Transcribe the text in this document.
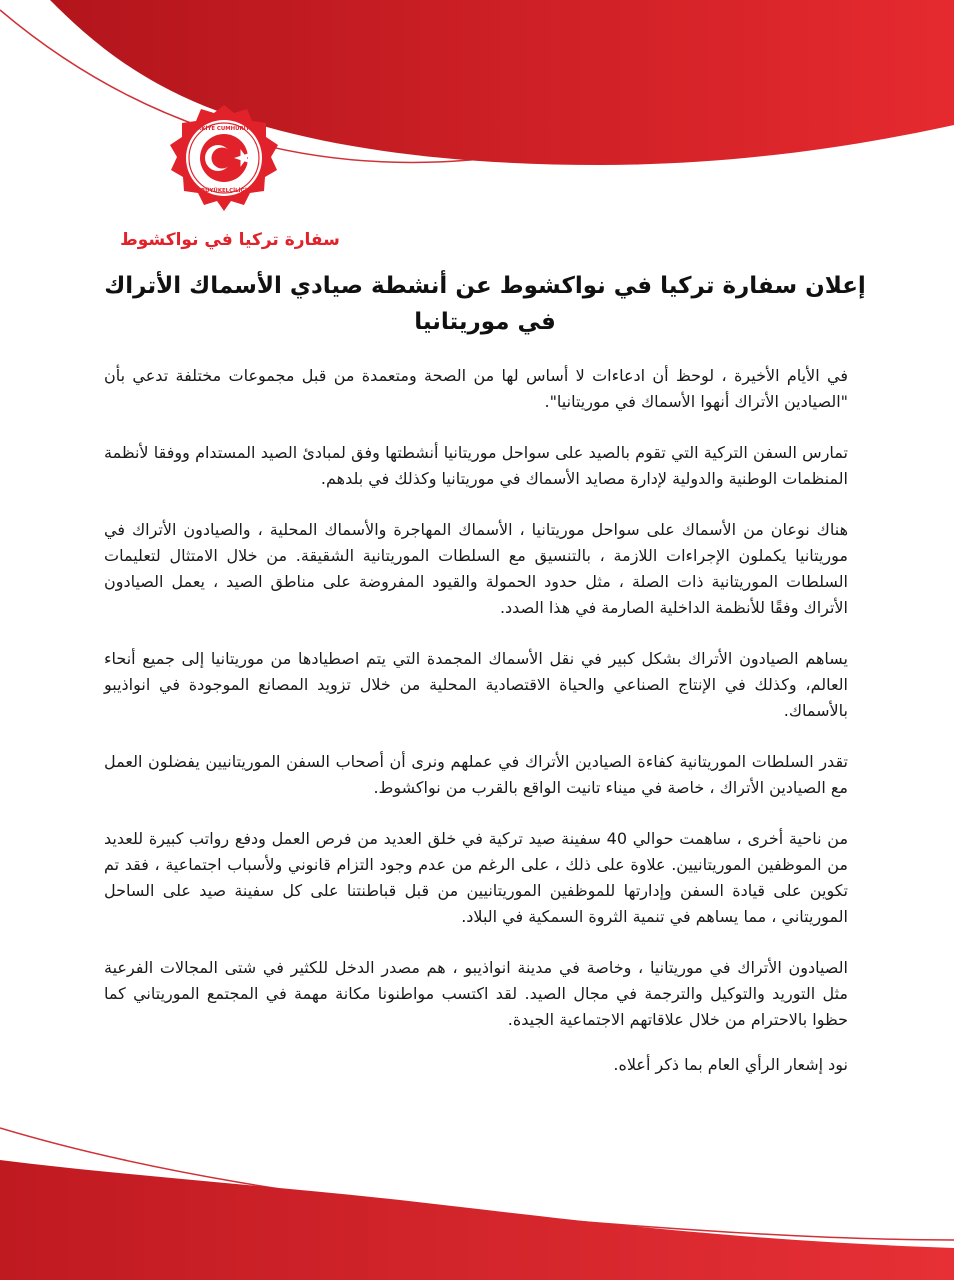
TÜRKİYE CUMHURİYETİ
BÜYÜKELÇİLİĞİ
سفارة تركيا في نواكشوط
إعلان سفارة تركيا في نواكشوط عن أنشطة صيادي الأسماك الأتراك
في موريتانيا

في الأيام الأخيرة ، لوحظ أن ادعاءات لا أساس لها من الصحة ومتعمدة من قبل مجموعات مختلفة تدعي بأن "الصيادين الأتراك أنهوا الأسماك في موريتانيا".

تمارس السفن التركية التي تقوم بالصيد على سواحل موريتانيا أنشطتها وفق لمبادئ الصيد المستدام ووفقا لأنظمة المنظمات الوطنية والدولية لإدارة مصايد الأسماك في موريتانيا وكذلك في بلدهم.

هناك نوعان من الأسماك على سواحل موريتانيا ، الأسماك المهاجرة والأسماك المحلية ، والصيادون الأتراك في موريتانيا يكملون الإجراءات اللازمة ، بالتنسيق مع السلطات الموريتانية الشقيقة. من خلال الامتثال لتعليمات السلطات الموريتانية ذات الصلة ، مثل حدود الحمولة والقيود المفروضة على مناطق الصيد ، يعمل الصيادون الأتراك وفقًا للأنظمة الداخلية الصارمة في هذا الصدد.

يساهم الصيادون الأتراك بشكل كبير في نقل الأسماك المجمدة التي يتم اصطيادها من موريتانيا إلى جميع أنحاء العالم، وكذلك في الإنتاج الصناعي والحياة الاقتصادية المحلية من خلال تزويد المصانع الموجودة في انواذيبو بالأسماك.

تقدر السلطات الموريتانية كفاءة الصيادين الأتراك في عملهم ونرى أن أصحاب السفن الموريتانيين يفضلون العمل مع الصيادين الأتراك ، خاصة في ميناء تانيت الواقع بالقرب من نواكشوط.

من ناحية أخرى ، ساهمت حوالي 40 سفينة صيد تركية في خلق العديد من فرص العمل ودفع رواتب كبيرة للعديد من الموظفين الموريتانيين. علاوة على ذلك ، على الرغم من عدم وجود التزام قانوني ولأسباب اجتماعية ، فقد تم تكوين على قيادة السفن وإدارتها للموظفين الموريتانيين من قبل قباطنتنا على كل سفينة صيد على الساحل الموريتاني ، مما يساهم في تنمية الثروة السمكية في البلاد.

الصيادون الأتراك في موريتانيا ، وخاصة في مدينة انواذيبو ، هم مصدر الدخل للكثير في شتى المجالات الفرعية مثل التوريد والتوكيل والترجمة في مجال الصيد. لقد اكتسب مواطنونا مكانة مهمة في المجتمع الموريتاني كما حظوا بالاحترام من خلال علاقاتهم الاجتماعية الجيدة.

نود إشعار الرأي العام بما ذكر أعلاه.
